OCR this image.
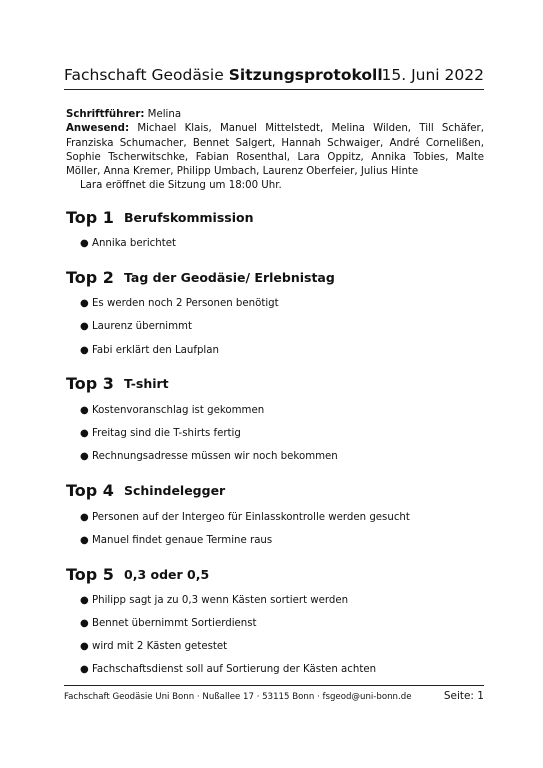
Fachschaft Geodäsie Sitzungsprotokoll
15. Juni 2022
Schriftführer: Melina
Anwesend: Michael Klais, Manuel Mittelstedt, Melina Wilden, Till Schäfer, Franziska Schumacher, Bennet Salgert, Hannah Schwaiger, André Cornelißen, Sophie Tscherwitschke, Fabian Rosenthal, Lara Oppitz, Annika Tobies, Malte Möller, Anna Kremer, Philipp Umbach, Laurenz Oberfeier, Julius Hinte
Lara eröffnet die Sitzung um 18:00 Uhr.
Top 1 Berufskommission
● Annika berichtet
Top 2 Tag der Geodäsie/ Erlebnistag
● Es werden noch 2 Personen benötigt
● Laurenz übernimmt
● Fabi erklärt den Laufplan
Top 3 T-shirt
● Kostenvoranschlag ist gekommen
● Freitag sind die T-shirts fertig
● Rechnungsadresse müssen wir noch bekommen
Top 4 Schindelegger
● Personen auf der Intergeo für Einlasskontrolle werden gesucht
● Manuel findet genaue Termine raus
Top 5 0,3 oder 0,5
● Philipp sagt ja zu 0,3 wenn Kästen sortiert werden
● Bennet übernimmt Sortierdienst
● wird mit 2 Kästen getestet
● Fachschaftsdienst soll auf Sortierung der Kästen achten
Fachschaft Geodäsie Uni Bonn · Nußallee 17 · 53115 Bonn · fsgeod@uni-bonn.de	Seite: 1
